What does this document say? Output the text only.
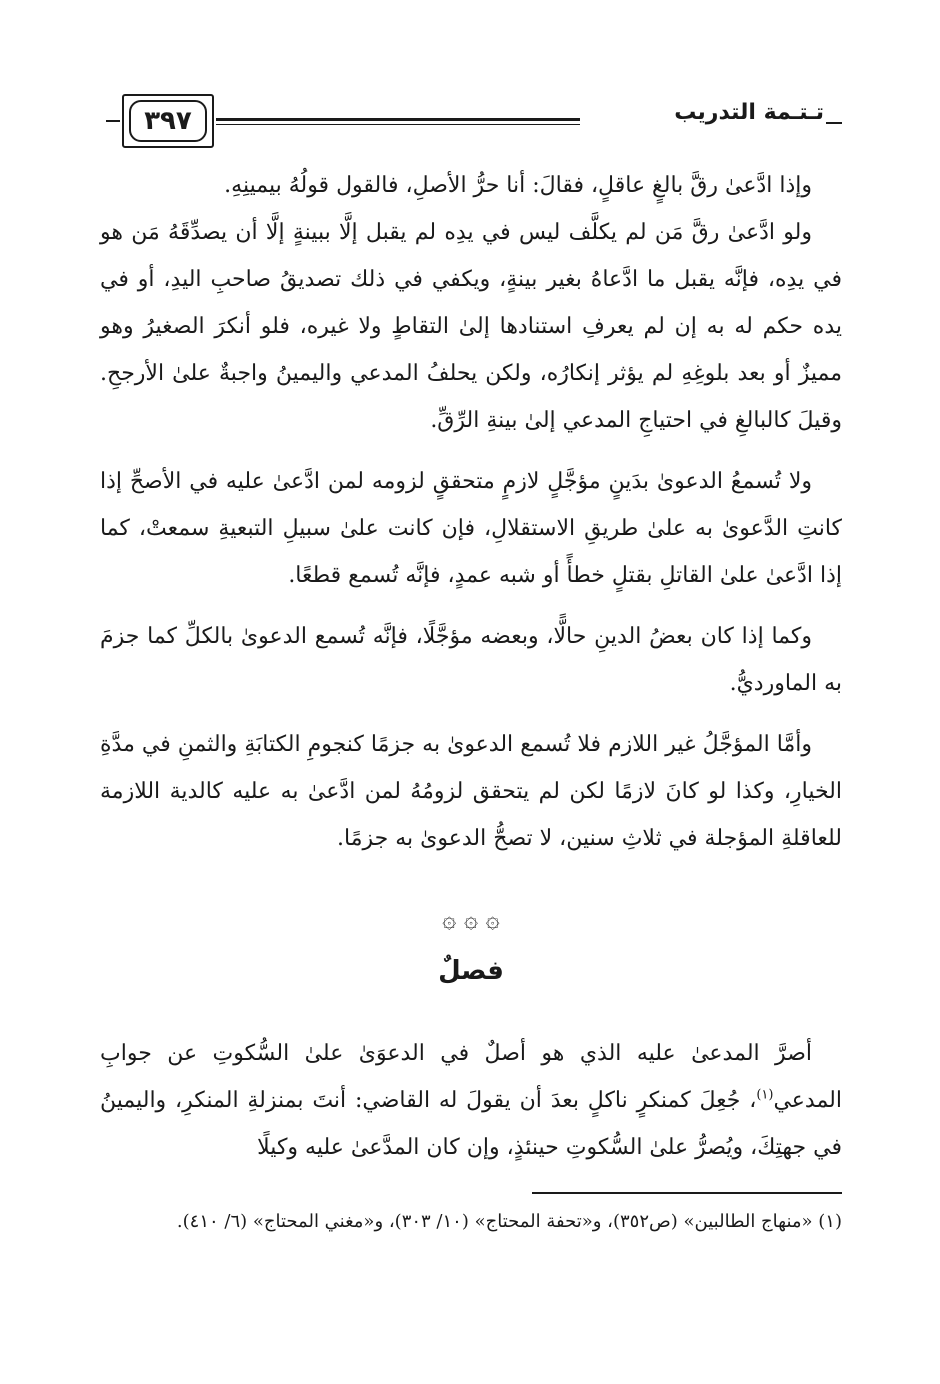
٣٩٧	تـتـمة التدريب

وإذا ادَّعىٰ رقَّ بالغٍ عاقلٍ، فقالَ: أنا حرُّ الأصلِ، فالقول قولُهُ بيمينِهِ.

ولو ادَّعىٰ رقَّ مَن لم يكلَّف ليس في يدِه لم يقبل إلَّا ببينةٍ إلَّا أن يصدِّقَهُ مَن هو في يدِه، فإنَّه يقبل ما ادَّعاهُ بغير بينةٍ، ويكفي في ذلك تصديقُ صاحبِ اليدِ، أو في يده حكم له به إن لم يعرفِ استنادها إلىٰ التقاطٍ ولا غيره، فلو أنكرَ الصغيرُ وهو مميزٌ أو بعد بلوغِهِ لم يؤثر إنكارُه، ولكن يحلفُ المدعي واليمينُ واجبةٌ علىٰ الأرجحِ. وقيلَ كالبالغِ في احتياجِ المدعي إلىٰ بينةِ الرِّقِّ.

ولا تُسمعُ الدعوىٰ بدَينٍ مؤجَّلٍ لازمٍ متحققٍ لزومه لمن ادَّعىٰ عليه في الأصحِّ إذا كانتِ الدَّعوىٰ به علىٰ طريقِ الاستقلالِ، فإن كانت علىٰ سبيلِ التبعيةِ سمعتْ، كما إذا ادَّعىٰ علىٰ القاتلِ بقتلٍ خطأً أو شبه عمدٍ، فإنَّه تُسمع قطعًا.

وكما إذا كان بعضُ الدينِ حالًّا، وبعضه مؤجَّلًا، فإنَّه تُسمع الدعوىٰ بالكلِّ كما جزمَ به الماورديُّ.

وأمَّا المؤجَّلُ غير اللازم فلا تُسمع الدعوىٰ به جزمًا كنجومِ الكتابَةِ والثمنِ في مدَّةِ الخيارِ، وكذا لو كانَ لازمًا لكن لم يتحقق لزومُهُ لمن ادَّعىٰ به عليه كالدية اللازمة للعاقلةِ المؤجلة في ثلاثِ سنين، لا تصحُّ الدعوىٰ به جزمًا.

۞ ۞ ۞
فصلٌ

أصرَّ المدعىٰ عليه الذي هو أصلٌ في الدعوَىٰ علىٰ السُّكوتِ عن جوابِ المدعي$^{(١)}$، جُعِلَ كمنكرٍ ناكلٍ بعدَ أن يقولَ له القاضي: أنتَ بمنزلةِ المنكرِ، واليمينُ في جهتِكَ، ويُصرُّ علىٰ السُّكوتِ حينئذٍ، وإن كان المدَّعىٰ عليه وكيلًا

(١) «منهاج الطالبين» (ص٣٥٢)، و«تحفة المحتاج» (١٠/ ٣٠٣)، و«مغني المحتاج» (٦/ ٤١٠).
